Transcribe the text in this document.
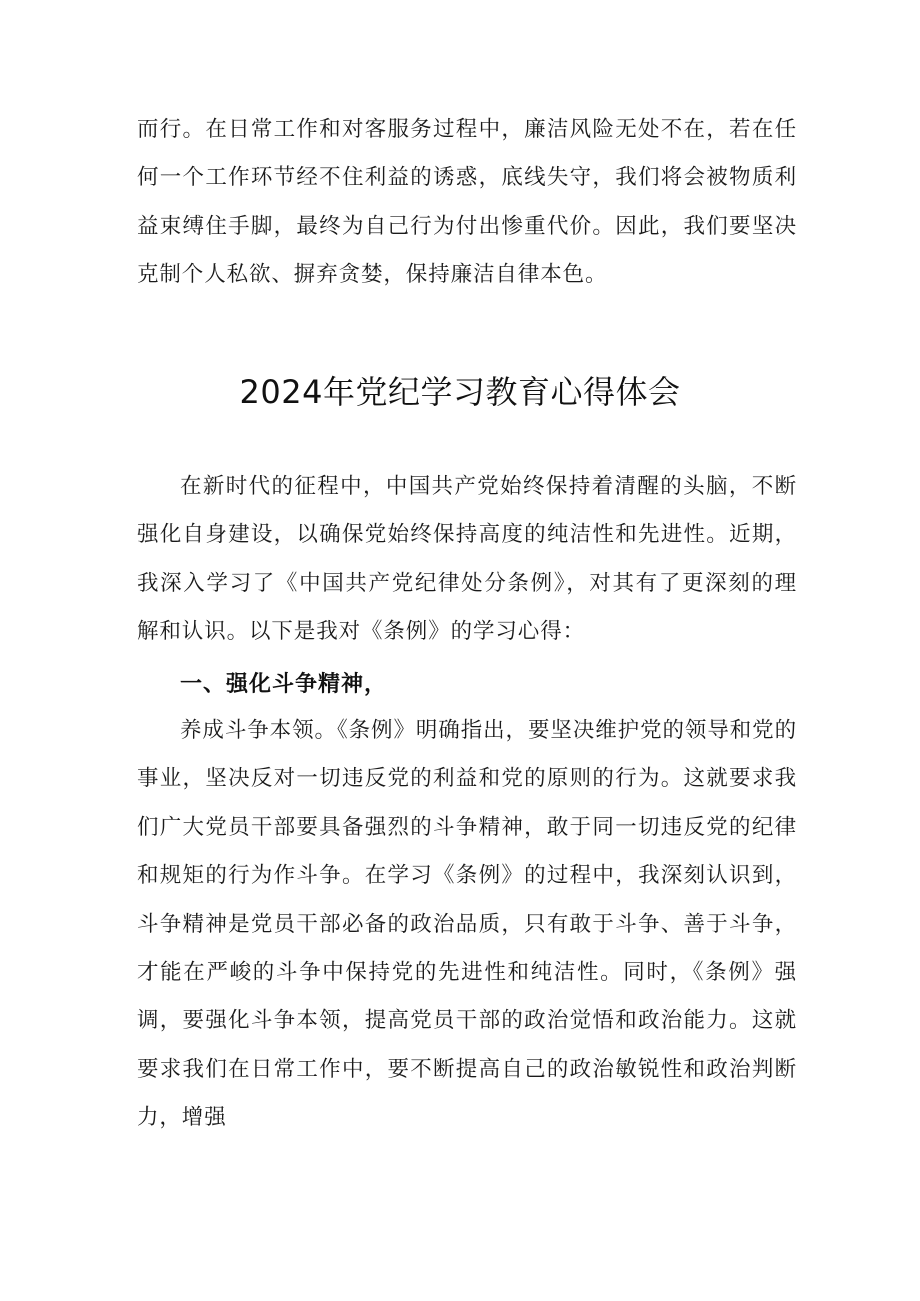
而行。在日常工作和对客服务过程中，廉洁风险无处不在，若在任何一个工作环节经不住利益的诱惑，底线失守，我们将会被物质利益束缚住手脚，最终为自己行为付出惨重代价。因此，我们要坚决克制个人私欲、摒弃贪婪，保持廉洁自律本色。

2024年党纪学习教育心得体会

在新时代的征程中，中国共产党始终保持着清醒的头脑，不断强化自身建设，以确保党始终保持高度的纯洁性和先进性。近期，我深入学习了《中国共产党纪律处分条例》，对其有了更深刻的理解和认识。以下是我对《条例》的学习心得：

一、强化斗争精神，

养成斗争本领。《条例》明确指出，要坚决维护党的领导和党的事业，坚决反对一切违反党的利益和党的原则的行为。这就要求我们广大党员干部要具备强烈的斗争精神，敢于同一切违反党的纪律和规矩的行为作斗争。在学习《条例》的过程中，我深刻认识到，斗争精神是党员干部必备的政治品质，只有敢于斗争、善于斗争，才能在严峻的斗争中保持党的先进性和纯洁性。同时，《条例》强调，要强化斗争本领，提高党员干部的政治觉悟和政治能力。这就要求我们在日常工作中，要不断提高自己的政治敏锐性和政治判断力，增强
